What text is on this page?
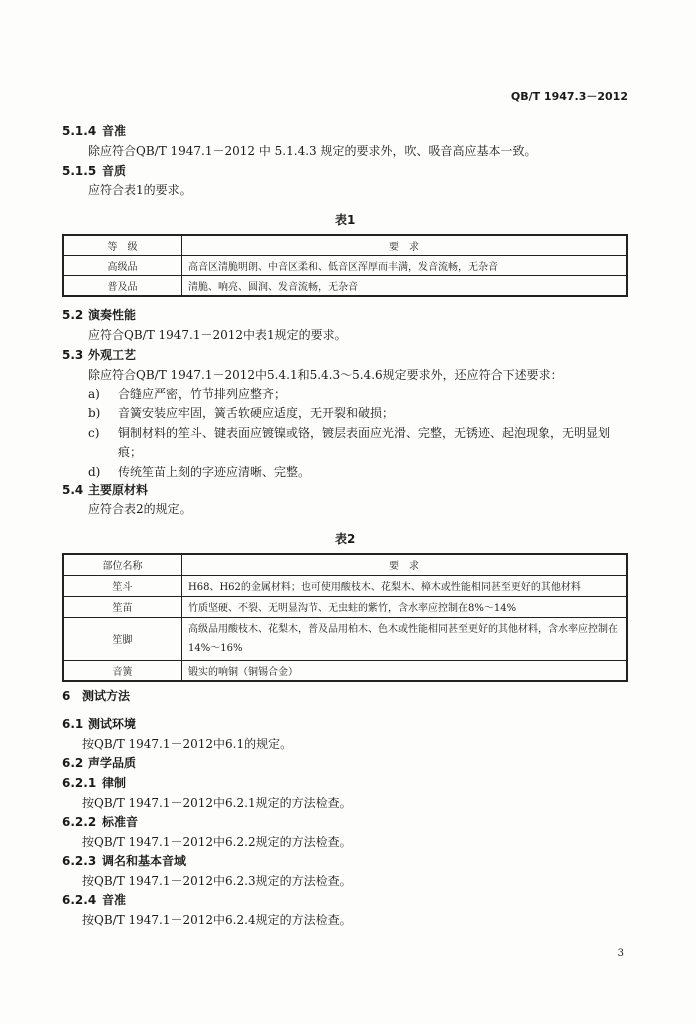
QB/T 1947.3－2012
5.1.4 音准
除应符合QB/T 1947.1－2012 中 5.1.4.3 规定的要求外，吹、吸音高应基本一致。
5.1.5 音质
应符合表1的要求。
表1
等　级	要　求
高级品	高音区清脆明朗、中音区柔和、低音区浑厚而丰满，发音流畅，无杂音
普及品	清脆、响亮、圆润、发音流畅，无杂音
5.2 演奏性能
应符合QB/T 1947.1－2012中表1规定的要求。
5.3 外观工艺
除应符合QB/T 1947.1－2012中5.4.1和5.4.3～5.4.6规定要求外，还应符合下述要求：
a) 合缝应严密，竹节排列应整齐；
b) 音簧安装应牢固，簧舌软硬应适度，无开裂和破损；
c) 铜制材料的笙斗、键表面应镀镍或铬，镀层表面应光滑、完整，无锈迹、起泡现象，无明显划
痕；
d) 传统笙苗上刻的字迹应清晰、完整。
5.4 主要原材料
应符合表2的规定。
表2
部位名称	要　求
笙斗	H68、H62的金属材料；也可使用酸枝木、花梨木、樟木或性能相同甚至更好的其他材料
笙苗	竹质坚硬、不裂、无明显沟节、无虫蛀的紫竹，含水率应控制在8%～14%
笙脚	高级品用酸枝木、花梨木，普及品用柏木、色木或性能相同甚至更好的其他材料，含水率应控制在14%～16%
音簧	锻实的响铜（铜锡合金）
6 测试方法
6.1 测试环境
按QB/T 1947.1－2012中6.1的规定。
6.2 声学品质
6.2.1 律制
按QB/T 1947.1－2012中6.2.1规定的方法检查。
6.2.2 标准音
按QB/T 1947.1－2012中6.2.2规定的方法检查。
6.2.3 调名和基本音域
按QB/T 1947.1－2012中6.2.3规定的方法检查。
6.2.4 音准
按QB/T 1947.1－2012中6.2.4规定的方法检查。
3
